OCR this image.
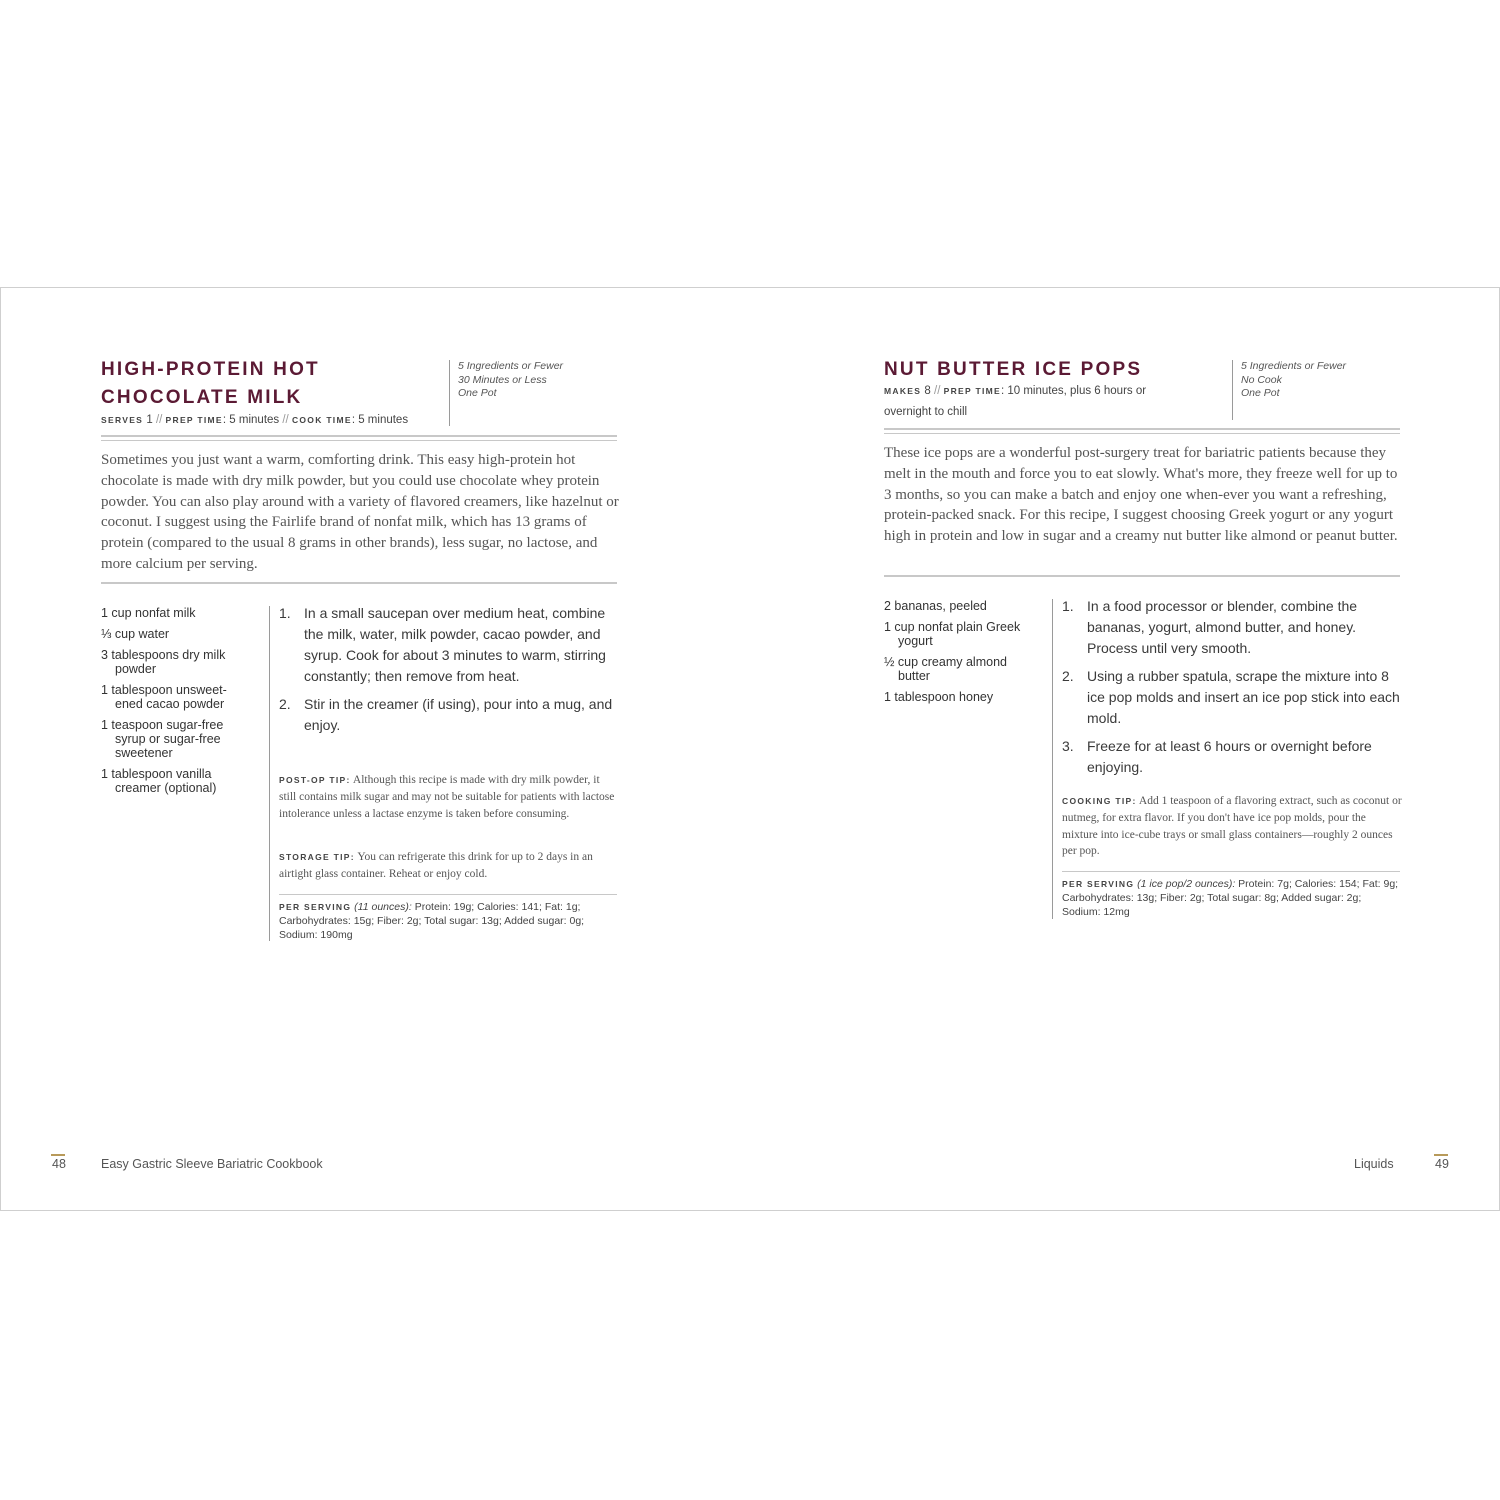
HIGH-PROTEIN HOT
CHOCOLATE MILK
SERVES 1 // PREP TIME: 5 minutes // COOK TIME: 5 minutes
5 Ingredients or Fewer
30 Minutes or Less
One Pot

Sometimes you just want a warm, comforting drink. This easy high-protein hot chocolate is made with dry milk powder, but you could use chocolate whey protein powder. You can also play around with a variety of flavored creamers, like hazelnut or coconut. I suggest using the Fairlife brand of nonfat milk, which has 13 grams of protein (compared to the usual 8 grams in other brands), less sugar, no lactose, and more calcium per serving.

1 cup nonfat milk
⅓ cup water
3 tablespoons dry milk powder
1 tablespoon unsweet-ened cacao powder
1 teaspoon sugar-free syrup or sugar-free sweetener
1 tablespoon vanilla creamer (optional)
1. In a small saucepan over medium heat, combine the milk, water, milk powder, cacao powder, and syrup. Cook for about 3 minutes to warm, stirring constantly; then remove from heat.
2. Stir in the creamer (if using), pour into a mug, and enjoy.

POST-OP TIP: Although this recipe is made with dry milk powder, it still contains milk sugar and may not be suitable for patients with lactose intolerance unless a lactase enzyme is taken before consuming.

STORAGE TIP: You can refrigerate this drink for up to 2 days in an airtight glass container. Reheat or enjoy cold.

PER SERVING (11 ounces): Protein: 19g; Calories: 141; Fat: 1g; Carbohydrates: 15g; Fiber: 2g; Total sugar: 13g; Added sugar: 0g; Sodium: 190mg

48	Easy Gastric Sleeve Bariatric Cookbook
NUT BUTTER ICE POPS
MAKES 8 // PREP TIME: 10 minutes, plus 6 hours or
overnight to chill
5 Ingredients or Fewer
No Cook
One Pot

These ice pops are a wonderful post-surgery treat for bariatric patients because they melt in the mouth and force you to eat slowly. What's more, they freeze well for up to 3 months, so you can make a batch and enjoy one when-ever you want a refreshing, protein-packed snack. For this recipe, I suggest choosing Greek yogurt or any yogurt high in protein and low in sugar and a creamy nut butter like almond or peanut butter.

2 bananas, peeled
1 cup nonfat plain Greek yogurt
½ cup creamy almond butter
1 tablespoon honey
1. In a food processor or blender, combine the bananas, yogurt, almond butter, and honey. Process until very smooth.
2. Using a rubber spatula, scrape the mixture into 8 ice pop molds and insert an ice pop stick into each mold.
3. Freeze for at least 6 hours or overnight before enjoying.

COOKING TIP: Add 1 teaspoon of a flavoring extract, such as coconut or nutmeg, for extra flavor. If you don't have ice pop molds, pour the mixture into ice-cube trays or small glass containers—roughly 2 ounces per pop.

PER SERVING (1 ice pop/2 ounces): Protein: 7g; Calories: 154; Fat: 9g; Carbohydrates: 13g; Fiber: 2g; Total sugar: 8g; Added sugar: 2g; Sodium: 12mg

Liquids	49
